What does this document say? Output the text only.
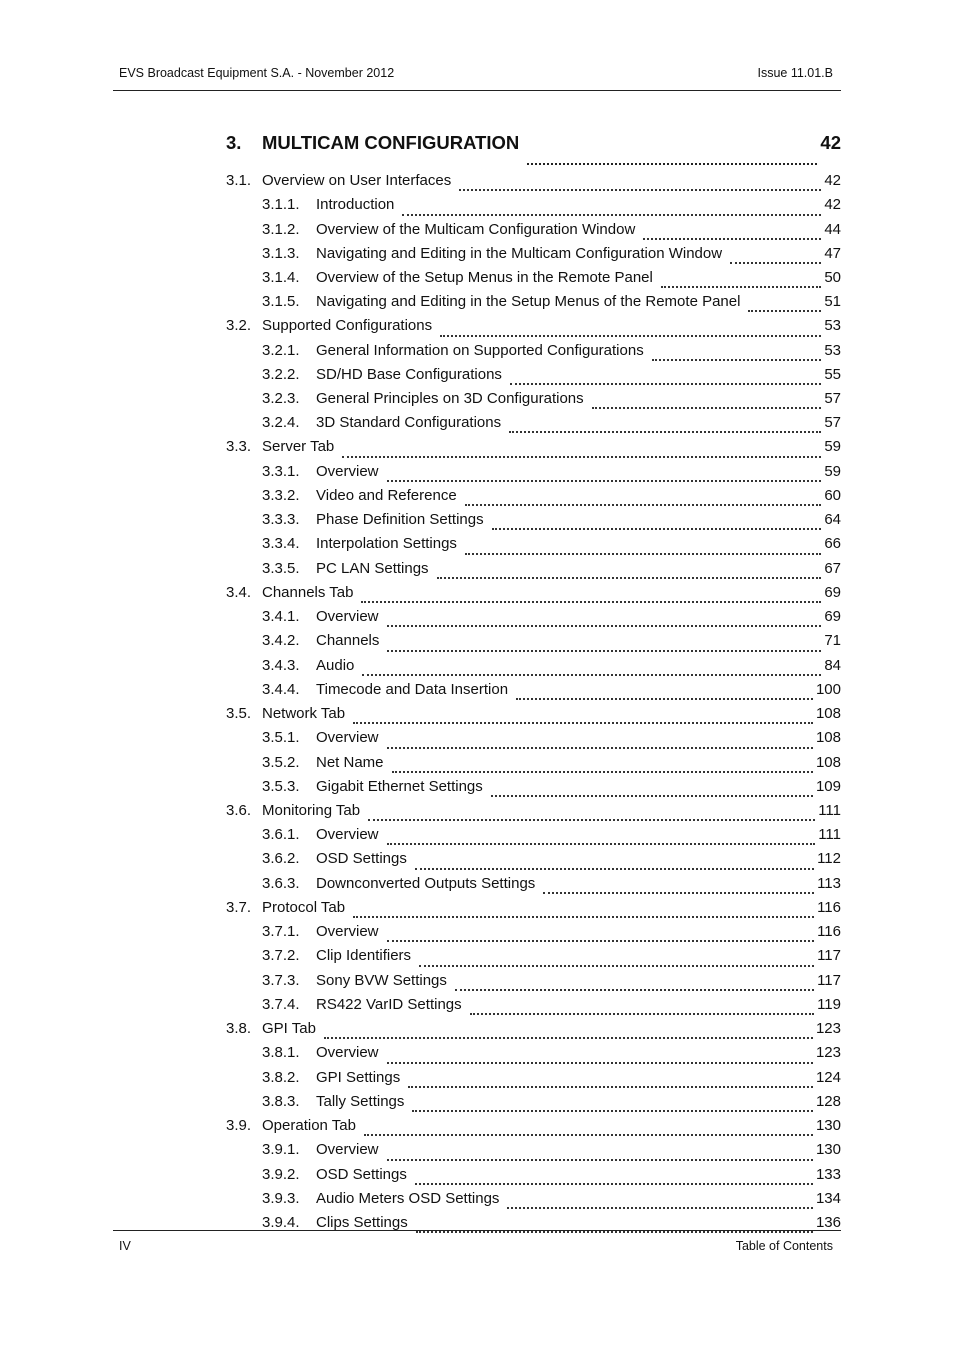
EVS Broadcast Equipment S.A. - November 2012	Issue 11.01.B
3.	MULTICAM CONFIGURATION	42
3.1. Overview on User Interfaces	42
3.1.1.	Introduction	42
3.1.2.	Overview of the Multicam Configuration Window	44
3.1.3.	Navigating and Editing in the Multicam Configuration Window	47
3.1.4.	Overview of the Setup Menus in the Remote Panel	50
3.1.5.	Navigating and Editing in the Setup Menus of the Remote Panel	51
3.2. Supported Configurations	53
3.2.1.	General Information on Supported Configurations	53
3.2.2.	SD/HD Base Configurations	55
3.2.3.	General Principles on 3D Configurations	57
3.2.4.	3D Standard Configurations	57
3.3. Server Tab	59
3.3.1.	Overview	59
3.3.2.	Video and Reference	60
3.3.3.	Phase Definition Settings	64
3.3.4.	Interpolation Settings	66
3.3.5.	PC LAN Settings	67
3.4. Channels Tab	69
3.4.1.	Overview	69
3.4.2.	Channels	71
3.4.3.	Audio	84
3.4.4.	Timecode and Data Insertion	100
3.5. Network Tab	108
3.5.1.	Overview	108
3.5.2.	Net Name	108
3.5.3.	Gigabit Ethernet Settings	109
3.6. Monitoring Tab	111
3.6.1.	Overview	111
3.6.2.	OSD Settings	112
3.6.3.	Downconverted Outputs Settings	113
3.7. Protocol Tab	116
3.7.1.	Overview	116
3.7.2.	Clip Identifiers	117
3.7.3.	Sony BVW Settings	117
3.7.4.	RS422 VarID Settings	119
3.8. GPI Tab	123
3.8.1.	Overview	123
3.8.2.	GPI Settings	124
3.8.3.	Tally Settings	128
3.9. Operation Tab	130
3.9.1.	Overview	130
3.9.2.	OSD Settings	133
3.9.3.	Audio Meters OSD Settings	134
3.9.4.	Clips Settings	136
IV	Table of Contents
